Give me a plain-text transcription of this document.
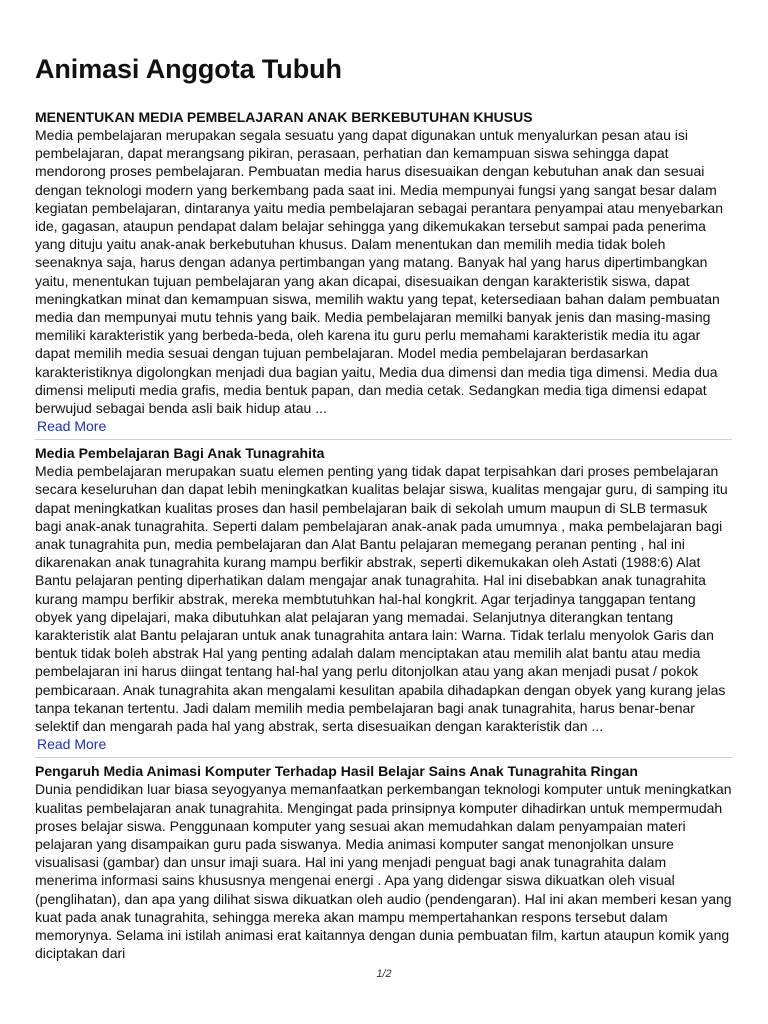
Animasi Anggota Tubuh

MENENTUKAN MEDIA PEMBELAJARAN ANAK BERKEBUTUHAN KHUSUS

Media pembelajaran merupakan segala sesuatu yang dapat digunakan untuk menyalurkan pesan atau isi pembelajaran, dapat merangsang pikiran, perasaan, perhatian dan kemampuan siswa sehingga dapat mendorong proses pembelajaran. Pembuatan media harus disesuaikan dengan kebutuhan anak dan sesuai dengan teknologi modern yang berkembang pada saat ini. Media mempunyai fungsi yang sangat besar dalam kegiatan pembelajaran, dintaranya yaitu media pembelajaran sebagai perantara penyampai atau menyebarkan ide, gagasan, ataupun pendapat dalam belajar sehingga yang dikemukakan tersebut sampai pada penerima yang dituju yaitu anak-anak berkebutuhan khusus. Dalam menentukan dan memilih media tidak boleh seenaknya saja, harus dengan adanya pertimbangan yang matang. Banyak hal yang harus dipertimbangkan yaitu, menentukan tujuan pembelajaran yang akan dicapai, disesuaikan dengan karakteristik siswa, dapat meningkatkan minat dan kemampuan siswa, memilih waktu yang tepat, ketersediaan bahan dalam pembuatan media dan mempunyai mutu tehnis yang baik. Media pembelajaran memilki banyak jenis dan masing-masing memiliki karakteristik yang berbeda-beda, oleh karena itu guru perlu memahami karakteristik media itu agar dapat memilih media sesuai dengan tujuan pembelajaran. Model media pembelajaran berdasarkan karakteristiknya digolongkan menjadi dua bagian yaitu, Media dua dimensi dan media tiga dimensi. Media dua dimensi meliputi media grafis, media bentuk papan, dan media cetak. Sedangkan media tiga dimensi edapat berwujud sebagai benda asli baik hidup atau ...

Read More

Media Pembelajaran Bagi Anak Tunagrahita

Media pembelajaran merupakan suatu elemen penting yang tidak dapat terpisahkan dari proses pembelajaran secara keseluruhan dan dapat lebih meningkatkan kualitas belajar siswa, kualitas mengajar guru, di samping itu dapat meningkatkan kualitas proses dan hasil pembelajaran baik di sekolah umum maupun di SLB termasuk bagi anak-anak tunagrahita. Seperti dalam pembelajaran anak-anak pada umumnya , maka pembelajaran bagi anak tunagrahita pun, media pembelajaran dan Alat Bantu pelajaran memegang peranan penting , hal ini dikarenakan anak tunagrahita kurang mampu berfikir abstrak, seperti dikemukakan oleh Astati (1988:6) Alat Bantu pelajaran penting diperhatikan dalam mengajar anak tunagrahita. Hal ini disebabkan anak tunagrahita kurang mampu berfikir abstrak, mereka membtutuhkan hal-hal kongkrit. Agar terjadinya tanggapan tentang obyek yang dipelajari, maka dibutuhkan alat pelajaran yang memadai. Selanjutnya diterangkan tentang karakteristik alat Bantu pelajaran untuk anak tunagrahita antara lain: Warna. Tidak terlalu menyolok Garis dan bentuk tidak boleh abstrak Hal yang penting adalah dalam menciptakan atau memilih alat bantu atau media pembelajaran ini harus diingat tentang hal-hal yang perlu ditonjolkan atau yang akan menjadi pusat / pokok pembicaraan. Anak tunagrahita akan mengalami kesulitan apabila dihadapkan dengan obyek yang kurang jelas tanpa tekanan tertentu. Jadi dalam memilih media pembelajaran bagi anak tunagrahita, harus benar-benar selektif dan mengarah pada hal yang abstrak, serta disesuaikan dengan karakteristik dan ...

Read More

Pengaruh Media Animasi Komputer Terhadap Hasil Belajar Sains Anak Tunagrahita Ringan

Dunia pendidikan luar biasa seyogyanya memanfaatkan perkembangan teknologi komputer untuk meningkatkan kualitas pembelajaran anak tunagrahita. Mengingat pada prinsipnya komputer dihadirkan untuk mempermudah proses belajar siswa. Penggunaan komputer yang sesuai akan memudahkan dalam penyampaian materi pelajaran yang disampaikan guru pada siswanya. Media animasi komputer sangat menonjolkan unsure visualisasi (gambar) dan unsur imaji suara. Hal ini yang menjadi penguat bagi anak tunagrahita dalam menerima informasi sains khususnya mengenai energi . Apa yang didengar siswa dikuatkan oleh visual (penglihatan), dan apa yang dilihat siswa dikuatkan oleh audio (pendengaran). Hal ini akan memberi kesan yang kuat pada anak tunagrahita, sehingga mereka akan mampu mempertahankan respons tersebut dalam memorynya. Selama ini istilah animasi erat kaitannya dengan dunia pembuatan film, kartun ataupun komik yang diciptakan dari

1/2
